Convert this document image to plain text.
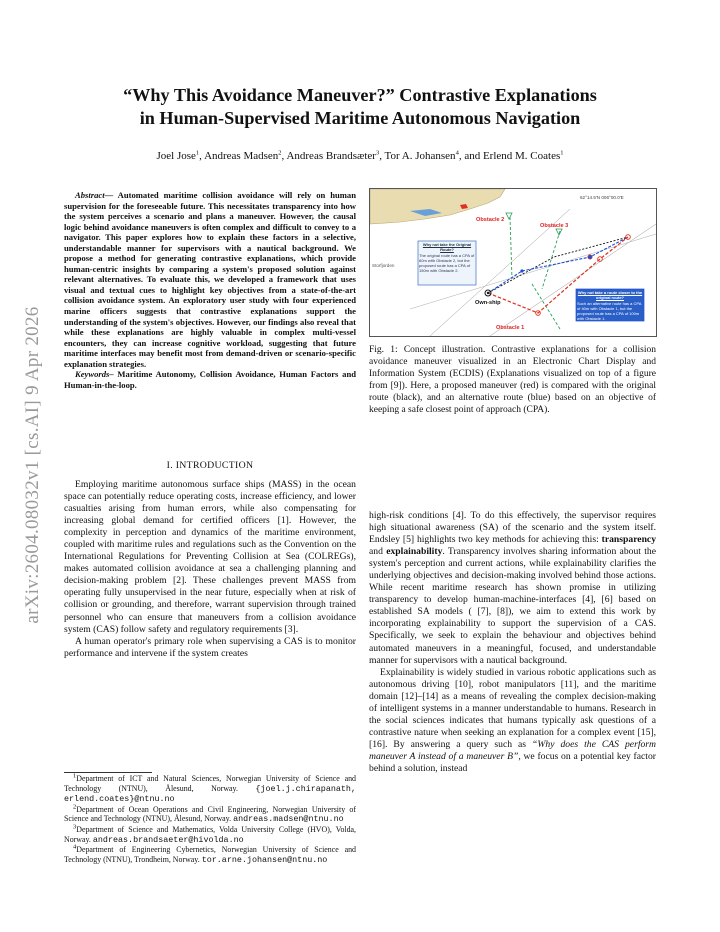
arXiv:2604.08032v1 [cs.AI] 9 Apr 2026
“Why This Avoidance Maneuver?” Contrastive Explanations
in Human-Supervised Maritime Autonomous Navigation
Joel Jose$^1$, Andreas Madsen$^2$, Andreas Brandsæter$^3$, Tor A. Johansen$^4$, and Erlend M. Coates$^1$

Abstract— Automated maritime collision avoidance will rely on human supervision for the foreseeable future. This necessitates transparency into how the system perceives a scenario and plans a maneuver. However, the causal logic behind avoidance maneuvers is often complex and difficult to convey to a navigator. This paper explores how to explain these factors in a selective, understandable manner for supervisors with a nautical background. We propose a method for generating contrastive explanations, which provide human-centric insights by comparing a system's proposed solution against relevant alternatives. To evaluate this, we developed a framework that uses visual and textual cues to highlight key objectives from a state-of-the-art collision avoidance system. An exploratory user study with four experienced marine officers suggests that contrastive explanations support the understanding of the system's objectives. However, our findings also reveal that while these explanations are highly valuable in complex multi-vessel encounters, they can increase cognitive workload, suggesting that future maritime interfaces may benefit most from demand-driven or scenario-specific explanation strategies.

Keywords– Maritime Autonomy, Collision Avoidance, Human Factors and Human-in-the-loop.

I. INTRODUCTION

Employing maritime autonomous surface ships (MASS) in the ocean space can potentially reduce operating costs, increase efficiency, and lower casualties arising from human errors, while also compensating for increasing global demand for certified officers [1]. However, the complexity in perception and dynamics of the maritime environment, coupled with maritime rules and regulations such as the Convention on the International Regulations for Preventing Collision at Sea (COLREGs), makes automated collision avoidance at sea a challenging planning and decision-making problem [2]. These challenges prevent MASS from operating fully unsupervised in the near future, especially when at risk of collision or grounding, and therefore, warrant supervision through trained personnel who can ensure that maneuvers from a collision avoidance system (CAS) follow safety and regulatory requirements [3].

A human operator's primary role when supervising a CAS is to monitor performance and intervene if the system creates

$^1$Department of ICT and Natural Sciences, Norwegian University of Science and Technology (NTNU), Ålesund, Norway. {joel.j.chirapanath, erlend.coates}@ntnu.no

$^2$Department of Ocean Operations and Civil Engineering, Norwegian University of Science and Technology (NTNU), Ålesund, Norway. andreas.madsen@ntnu.no

$^3$Department of Science and Mathematics, Volda University College (HVO), Volda, Norway. andreas.brandsaeter@hivolda.no

$^4$Department of Engineering Cybernetics, Norwegian University of Science and Technology (NTNU), Trondheim, Norway. tor.arne.johansen@ntnu.no

62°14.5'N 006°00.0'E
Storfjorden
Obstacle 2
Obstacle 3
Obstacle 1
Own-ship
Why not take the Original Route?
The original route has a CPA of 60m with Obstacle 2, but the proposed route has a CPA of 150m with Obstacle 2.
Why not take a route closer to the original route?
Such an alternative route has a CPA of 40m with Obstacle 1, but the proposed route has a CPA of 100m with Obstacle 1.

Fig. 1: Concept illustration. Contrastive explanations for a collision avoidance maneuver visualized in an Electronic Chart Display and Information System (ECDIS) (Explanations visualized on top of a figure from [9]). Here, a proposed maneuver (red) is compared with the original route (black), and an alternative route (blue) based on an objective of keeping a safe closest point of approach (CPA).

high-risk conditions [4]. To do this effectively, the supervisor requires high situational awareness (SA) of the scenario and the system itself. Endsley [5] highlights two key methods for achieving this: transparency and explainability. Transparency involves sharing information about the system's perception and current actions, while explainability clarifies the underlying objectives and decision-making involved behind those actions. While recent maritime research has shown promise in utilizing transparency to develop human-machine-interfaces [4], [6] based on established SA models ( [7], [8]), we aim to extend this work by incorporating explainability to support the supervision of a CAS. Specifically, we seek to explain the behaviour and objectives behind automated maneuvers in a meaningful, focused, and understandable manner for supervisors with a nautical background.

Explainability is widely studied in various robotic applications such as autonomous driving [10], robot manipulators [11], and the maritime domain [12]–[14] as a means of revealing the complex decision-making of intelligent systems in a manner understandable to humans. Research in the social sciences indicates that humans typically ask questions of a contrastive nature when seeking an explanation for a complex event [15], [16]. By answering a query such as “Why does the CAS perform maneuver A instead of a maneuver B”, we focus on a potential key factor behind a solution, instead
